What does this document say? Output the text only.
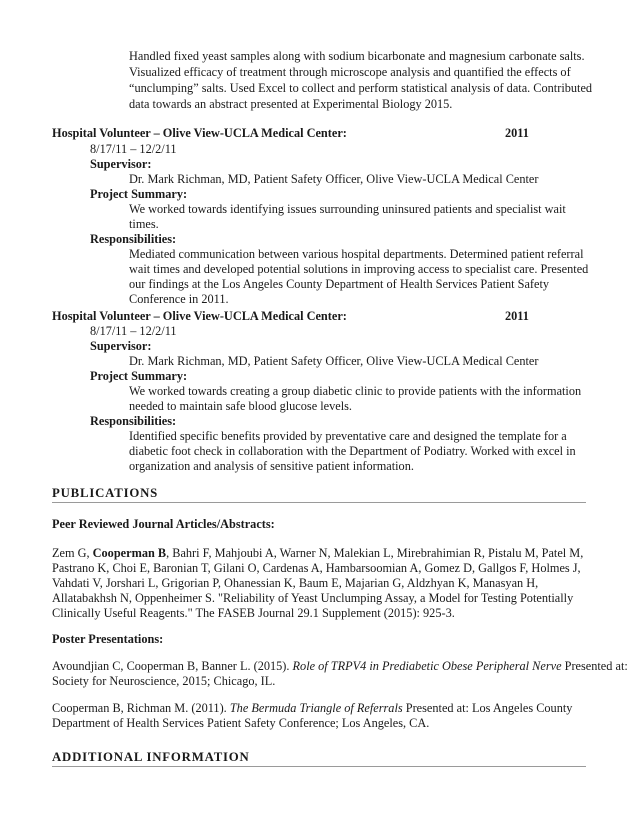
Handled fixed yeast samples along with sodium bicarbonate and magnesium carbonate salts.
Visualized efficacy of treatment through microscope analysis and quantified the effects of
“unclumping” salts. Used Excel to collect and perform statistical analysis of data. Contributed
data towards an abstract presented at Experimental Biology 2015.
Hospital Volunteer – Olive View-UCLA Medical Center:	2011
8/17/11 – 12/2/11
Supervisor:
Dr. Mark Richman, MD, Patient Safety Officer, Olive View-UCLA Medical Center
Project Summary:
We worked towards identifying issues surrounding uninsured patients and specialist wait
times.
Responsibilities:
Mediated communication between various hospital departments. Determined patient referral
wait times and developed potential solutions in improving access to specialist care. Presented
our findings at the Los Angeles County Department of Health Services Patient Safety
Conference in 2011.
Hospital Volunteer – Olive View-UCLA Medical Center:	2011
8/17/11 – 12/2/11
Supervisor:
Dr. Mark Richman, MD, Patient Safety Officer, Olive View-UCLA Medical Center
Project Summary:
We worked towards creating a group diabetic clinic to provide patients with the information
needed to maintain safe blood glucose levels.
Responsibilities:
Identified specific benefits provided by preventative care and designed the template for a
diabetic foot check in collaboration with the Department of Podiatry. Worked with excel in
organization and analysis of sensitive patient information.
PUBLICATIONS
Peer Reviewed Journal Articles/Abstracts:
Zem G, Cooperman B, Bahri F, Mahjoubi A, Warner N, Malekian L, Mirebrahimian R, Pistalu M, Patel M,
Pastrano K, Choi E, Baronian T, Gilani O, Cardenas A, Hambarsoomian A, Gomez D, Gallgos F, Holmes J,
Vahdati V, Jorshari L, Grigorian P, Ohanessian K, Baum E, Majarian G, Aldzhyan K, Manasyan H,
Allatabakhsh N, Oppenheimer S. "Reliability of Yeast Unclumping Assay, a Model for Testing Potentially
Clinically Useful Reagents." The FASEB Journal 29.1 Supplement (2015): 925-3.
Poster Presentations:
Avoundjian C, Cooperman B, Banner L. (2015). Role of TRPV4 in Prediabetic Obese Peripheral Nerve Presented at:
Society for Neuroscience, 2015; Chicago, IL.
Cooperman B, Richman M. (2011). The Bermuda Triangle of Referrals Presented at: Los Angeles County
Department of Health Services Patient Safety Conference; Los Angeles, CA.
ADDITIONAL INFORMATION
